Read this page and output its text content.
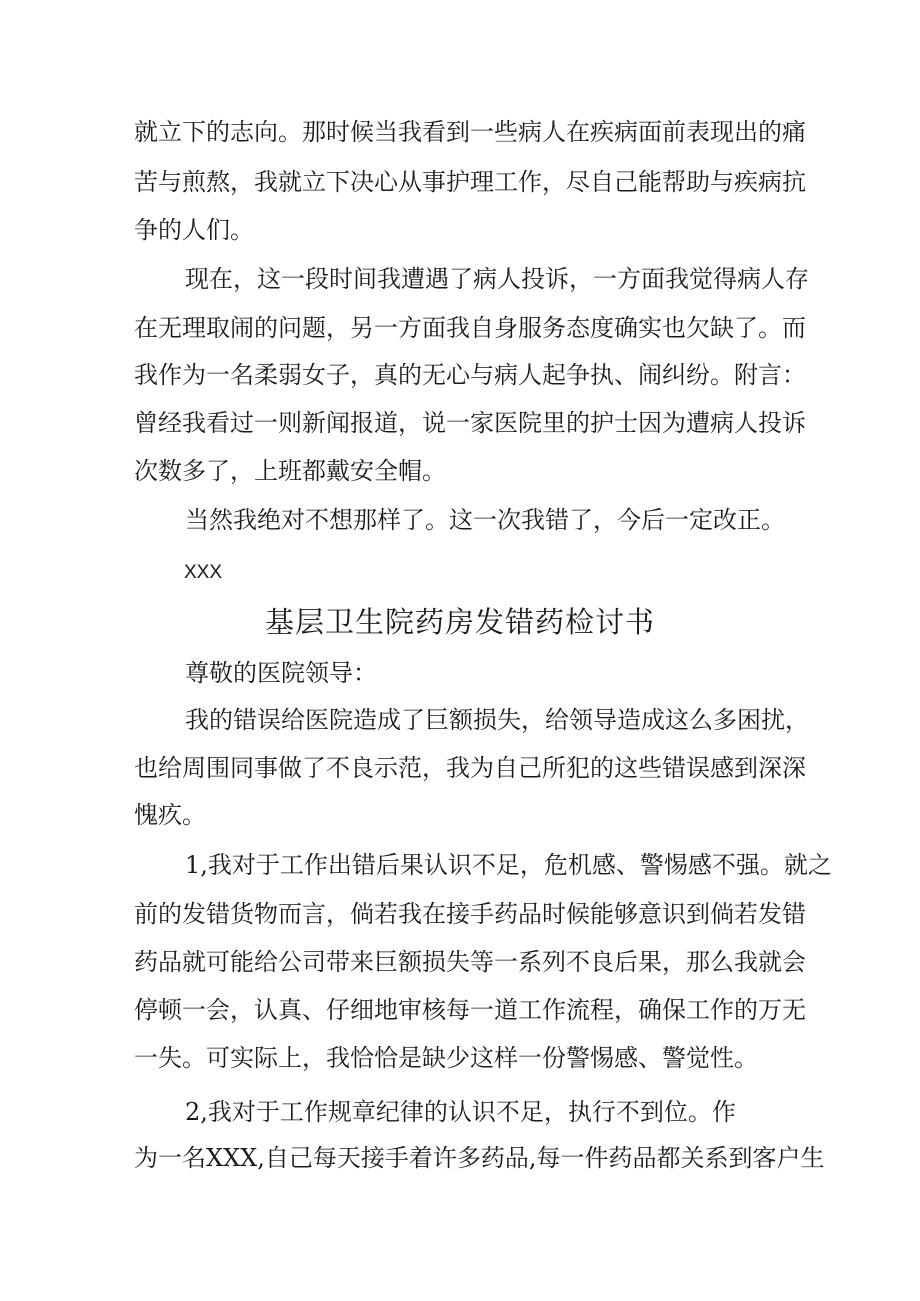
就立下的志向。那时候当我看到一些病人在疾病面前表现出的痛
苦与煎熬，我就立下决心从事护理工作，尽自己能帮助与疾病抗
争的人们。
现在，这一段时间我遭遇了病人投诉，一方面我觉得病人存
在无理取闹的问题，另一方面我自身服务态度确实也欠缺了。而
我作为一名柔弱女子，真的无心与病人起争执、闹纠纷。附言：
曾经我看过一则新闻报道，说一家医院里的护士因为遭病人投诉
次数多了，上班都戴安全帽。
当然我绝对不想那样了。这一次我错了，今后一定改正。
XXX
基层卫生院药房发错药检讨书
尊敬的医院领导：
我的错误给医院造成了巨额损失，给领导造成这么多困扰，
也给周围同事做了不良示范，我为自己所犯的这些错误感到深深
愧疚。
1,我对于工作出错后果认识不足，危机感、警惕感不强。就之
前的发错货物而言，倘若我在接手药品时候能够意识到倘若发错
药品就可能给公司带来巨额损失等一系列不良后果，那么我就会
停顿一会，认真、仔细地审核每一道工作流程，确保工作的万无
一失。可实际上，我恰恰是缺少这样一份警惕感、警觉性。
2,我对于工作规章纪律的认识不足，执行不到位。作
为一名XXX,自己每天接手着许多药品,每一件药品都关系到客户生
